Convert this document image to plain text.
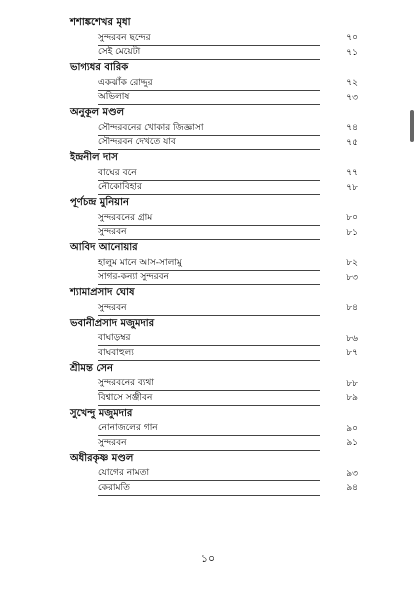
শশাঙ্কশেখর মৃধা
সুন্দরবন ছন্দের	৭০
সেই মেয়েটা	৭১
ভাগ্যধর বারিক
একঝাঁক রোদ্দুর	৭২
অভিলাষ	৭৩
অনুকূল মণ্ডল
সৌন্দরবনের খোকার জিজ্ঞাসা	৭৪
সৌন্দরবন দেখতে যাব	৭৫
ইন্দ্রনীল দাস
বাঘের বনে	৭৭
নৌকোবিহার	৭৮
পূর্ণচন্দ্র মুনিয়ান
সুন্দরবনের গ্রাম	৮০
সুন্দরবন	৮১
আবিদ আনোয়ার
হালুম মানে আস-সালামু	৮২
সাগর-কন্যা সুন্দরবন	৮৩
শ্যামাপ্রসাদ ঘোষ
সুন্দরবন	৮৪
ভবানীপ্রসাদ মজুমদার
বাঘাড়ম্বর	৮৬
বাঘবাহুল্য	৮৭
শ্রীমন্ত সেন
সুন্দরবনের ব্যথা	৮৮
বিশ্বাসে সঞ্জীবন	৮৯
সুখেন্দু মজুমদার
নোনাজলের গান	৯০
সুন্দরবন	৯১
অধীরকৃষ্ণ মণ্ডল
যোগের নামতা	৯৩
কেরামতি	৯৪
১০
